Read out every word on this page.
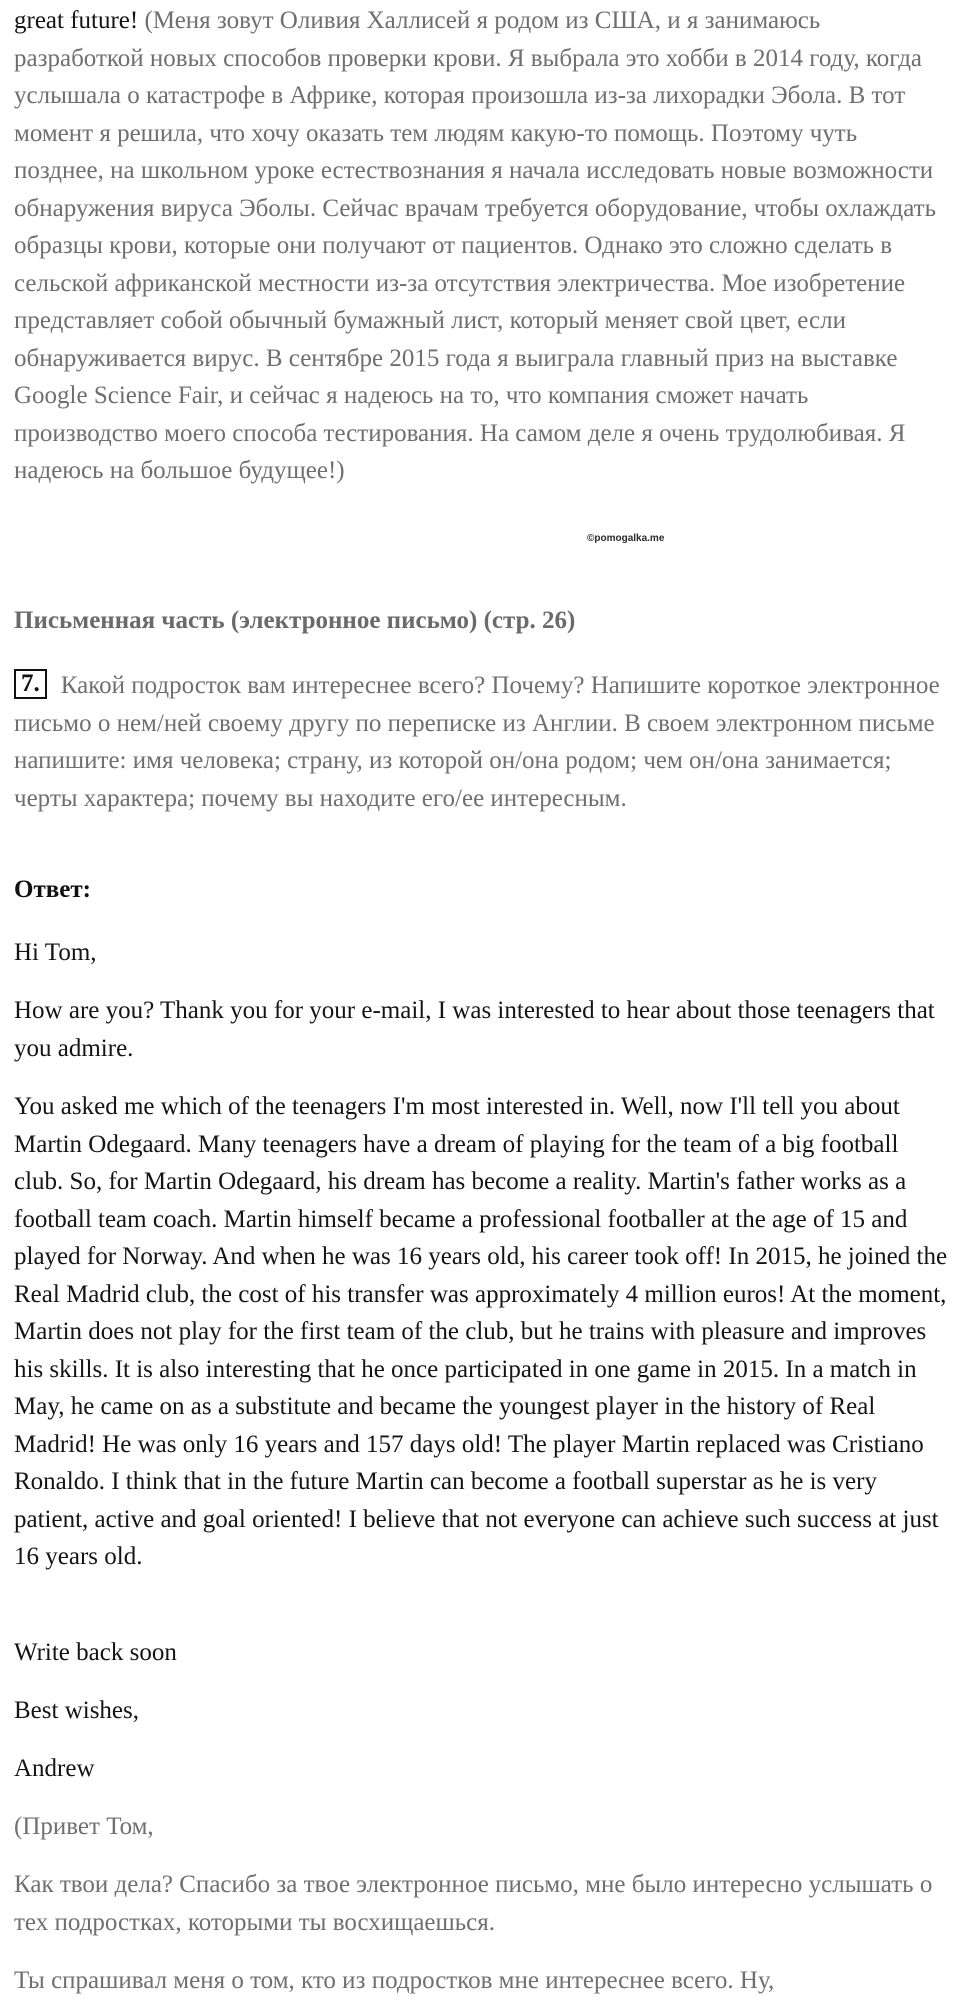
great future! (Меня зовут Оливия Халлисей я родом из США, и я занимаюсь разработкой новых способов проверки крови. Я выбрала это хобби в 2014 году, когда услышала о катастрофе в Африке, которая произошла из-за лихорадки Эбола. В тот момент я решила, что хочу оказать тем людям какую-то помощь. Поэтому чуть позднее, на школьном уроке естествознания я начала исследовать новые возможности обнаружения вируса Эболы. Сейчас врачам требуется оборудование, чтобы охлаждать образцы крови, которые они получают от пациентов. Однако это сложно сделать в сельской африканской местности из-за отсутствия электричества. Мое изобретение представляет собой обычный бумажный лист, который меняет свой цвет, если обнаруживается вирус. В сентябре 2015 года я выиграла главный приз на выставке Google Science Fair, и сейчас я надеюсь на то, что компания сможет начать производство моего способа тестирования. На самом деле я очень трудолюбивая. Я надеюсь на большое будущее!)

©pomogalka.me
Письменная часть (электронное письмо) (стр. 26)

7. Какой подросток вам интереснее всего? Почему? Напишите короткое электронное письмо о нем/ней своему другу по переписке из Англии. В своем электронном письме напишите: имя человека; страну, из которой он/она родом; чем он/она занимается; черты характера; почему вы находите его/ее интересным.

Ответ:

Hi Tom,

How are you? Thank you for your e-mail, I was interested to hear about those teenagers that you admire.

You asked me which of the teenagers I'm most interested in. Well, now I'll tell you about Martin Odegaard. Many teenagers have a dream of playing for the team of a big football club. So, for Martin Odegaard, his dream has become a reality. Martin's father works as a football team coach. Martin himself became a professional footballer at the age of 15 and played for Norway. And when he was 16 years old, his career took off! In 2015, he joined the Real Madrid club, the cost of his transfer was approximately 4 million euros! At the moment, Martin does not play for the first team of the club, but he trains with pleasure and improves his skills. It is also interesting that he once participated in one game in 2015. In a match in May, he came on as a substitute and became the youngest player in the history of Real Madrid! He was only 16 years and 157 days old! The player Martin replaced was Cristiano Ronaldo. I think that in the future Martin can become a football superstar as he is very patient, active and goal oriented! I believe that not everyone can achieve such success at just 16 years old.

Write back soon

Best wishes,

Andrew

(Привет Том,

Как твои дела? Спасибо за твое электронное письмо, мне было интересно услышать о тех подростках, которыми ты восхищаешься.

Ты спрашивал меня о том, кто из подростков мне интереснее всего. Ну,
